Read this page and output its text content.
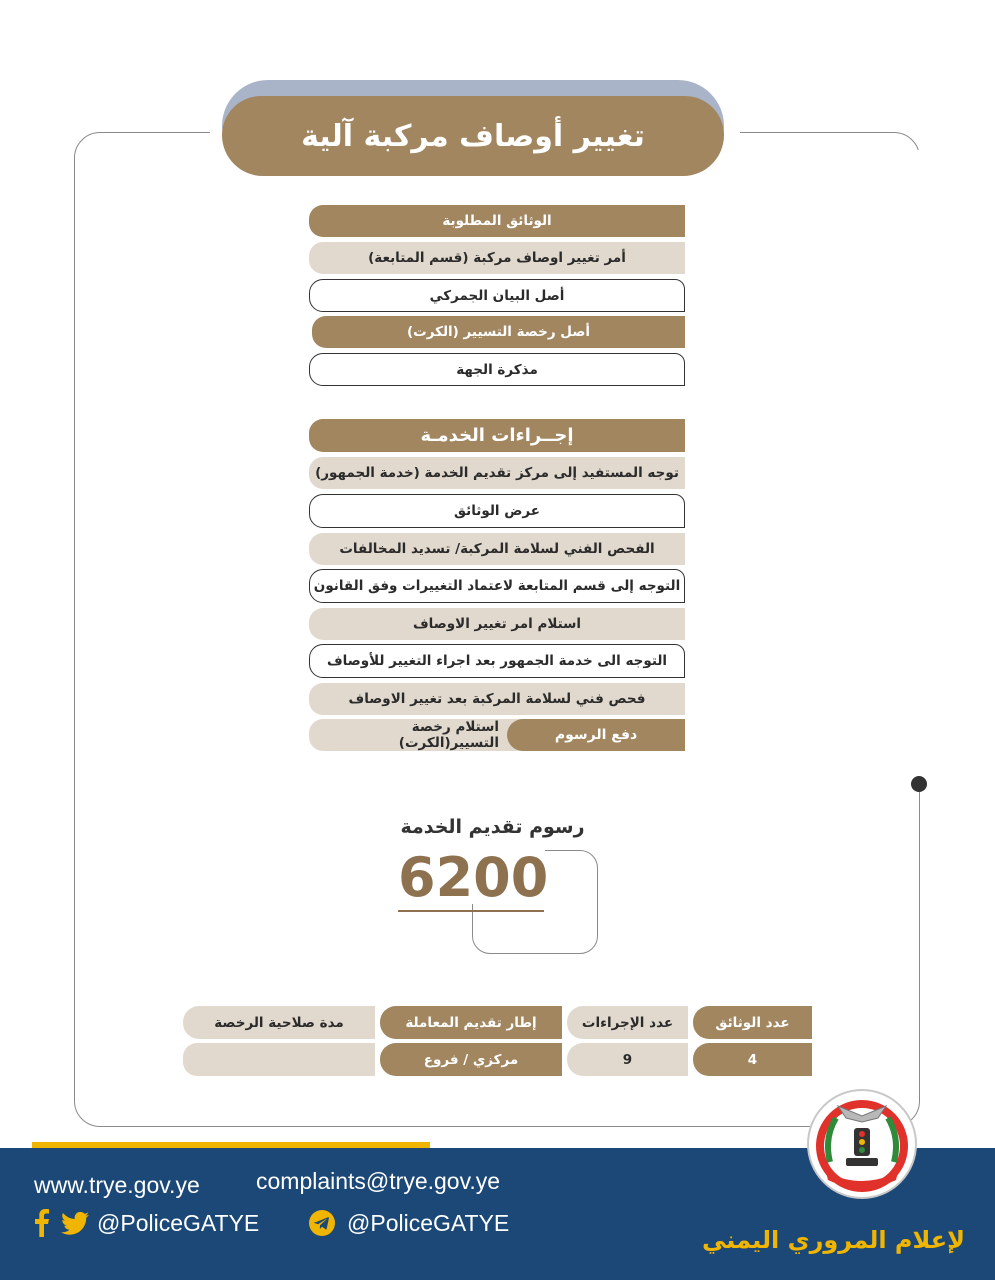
تغيير أوصاف مركبة آلية
الوثائق المطلوبة
أمر تغيير اوصاف مركبة (قسم المتابعة)
أصل البيان الجمركي
أصل رخصة التسيير (الكرت)
مذكرة الجهة
إجــراءات الخدمـة
توجه المستفيد إلى مركز تقديم الخدمة (خدمة الجمهور)
عرض الوثائق
الفحص الفني لسلامة المركبة/ تسديد المخالفات
التوجه إلى قسم المتابعة لاعتماد التغييرات وفق القانون
استلام امر تغيير الاوصاف
التوجه الى خدمة الجمهور بعد اجراء التغيير للأوصاف
فحص فني لسلامة المركبة بعد تغيير الاوصاف
استلام رخصة التسيير(الكرت)	دفع الرسوم
رسوم تقديم الخدمة
6200
عدد الوثائق
عدد الإجراءات
إطار تقديم المعاملة
مدة صلاحية الرخصة
4
9
مركزي / فروع
www.trye.gov.ye complaints@trye.gov.ye
@PoliceGATYE	@PoliceGATYE
لإعلام المروري اليمني
